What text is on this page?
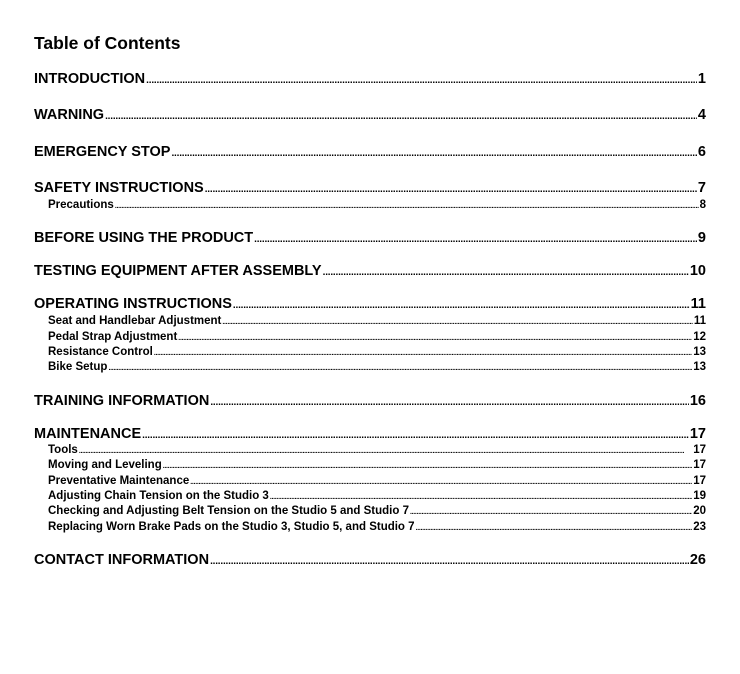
Table of Contents
INTRODUCTION .....	1
WARNING .....	4
EMERGENCY STOP .....	6
SAFETY INSTRUCTIONS .....	7
Precautions .....	8
BEFORE USING THE PRODUCT .....	9
TESTING EQUIPMENT AFTER ASSEMBLY .....	10
OPERATING INSTRUCTIONS .....	11
Seat and Handlebar Adjustment .....	11
Pedal Strap Adjustment .....	12
Resistance Control .....	13
Bike Setup .....	13
TRAINING INFORMATION .....	16
MAINTENANCE .....	17
Tools .....	17
Moving and Leveling .....	17
Preventative Maintenance .....	17
Adjusting Chain Tension on the Studio 3 .....	19
Checking and Adjusting Belt Tension on the Studio 5 and Studio 7 .....	20
Replacing Worn Brake Pads on the Studio 3, Studio 5, and Studio 7 .....	23
CONTACT INFORMATION .....	26
